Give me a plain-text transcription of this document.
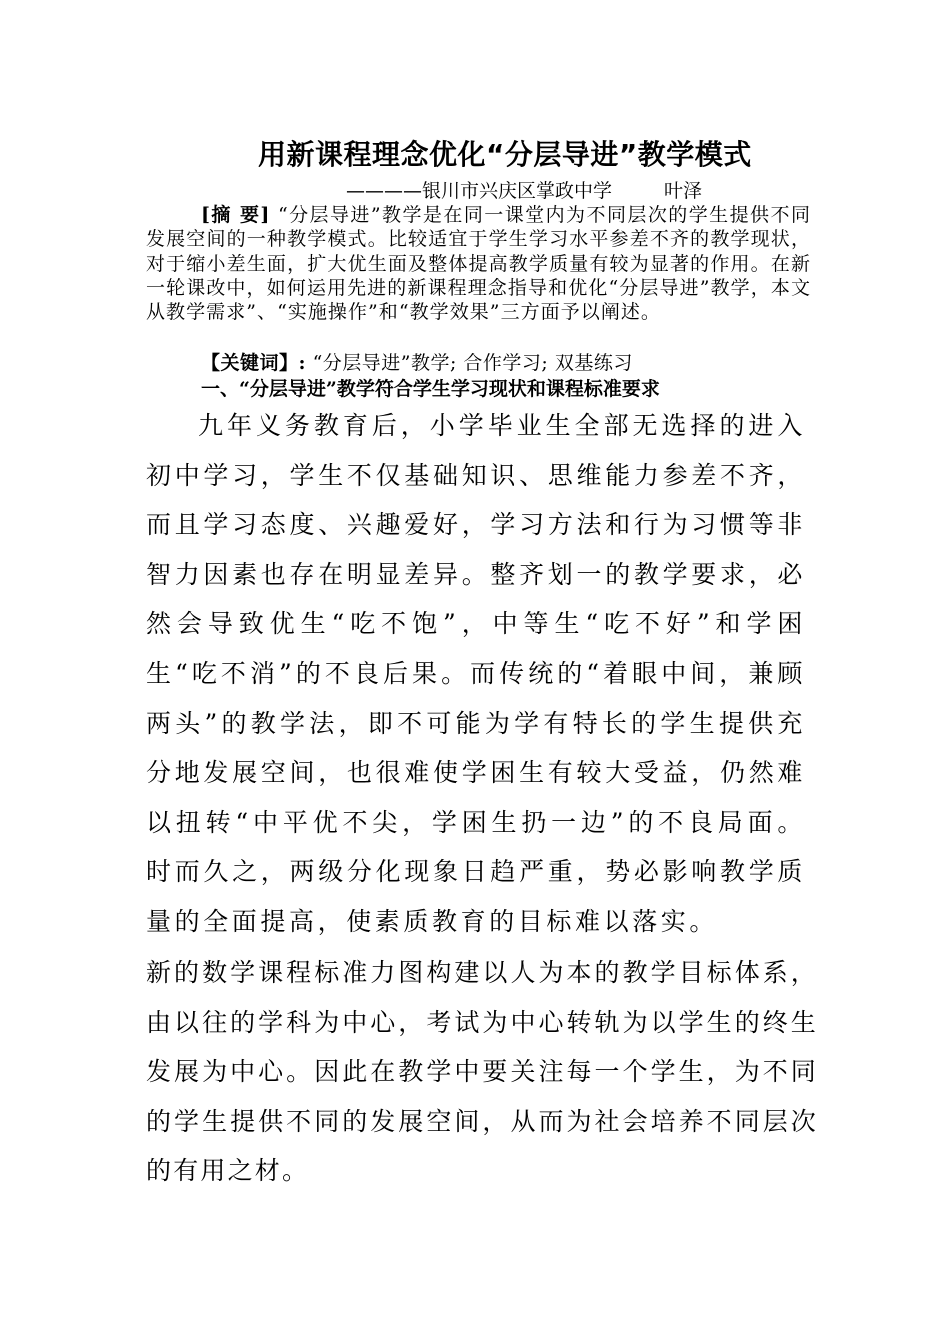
用新课程理念优化“分层导进”教学模式
————银川市兴庆区掌政中学	叶泽
[摘 要] “分层导进”教学是在同一课堂内为不同层次的学生提供不同发展空间的一种教学模式。比较适宜于学生学习水平参差不齐的教学现状，对于缩小差生面，扩大优生面及整体提高教学质量有较为显著的作用。在新一轮课改中，如何运用先进的新课程理念指导和优化“分层导进”教学，本文从教学需求”、“实施操作”和“教学效果”三方面予以阐述。
【关键词】: “分层导进”教学; 合作学习; 双基练习
一、“分层导进”教学符合学生学习现状和课程标准要求
九年义务教育后，小学毕业生全部无选择的进入初中学习，学生不仅基础知识、思维能力参差不齐，而且学习态度、兴趣爱好，学习方法和行为习惯等非智力因素也存在明显差异。整齐划一的教学要求，必然会导致优生“吃不饱”，中等生“吃不好”和学困生“吃不消”的不良后果。而传统的“着眼中间，兼顾两头”的教学法，即不可能为学有特长的学生提供充分地发展空间，也很难使学困生有较大受益，仍然难以扭转“中平优不尖，学困生扔一边”的不良局面。时而久之，两级分化现象日趋严重，势必影响教学质量的全面提高，使素质教育的目标难以落实。
新的数学课程标准力图构建以人为本的教学目标体系，由以往的学科为中心，考试为中心转轨为以学生的终生发展为中心。因此在教学中要关注每一个学生，为不同的学生提供不同的发展空间，从而为社会培养不同层次的有用之材。
